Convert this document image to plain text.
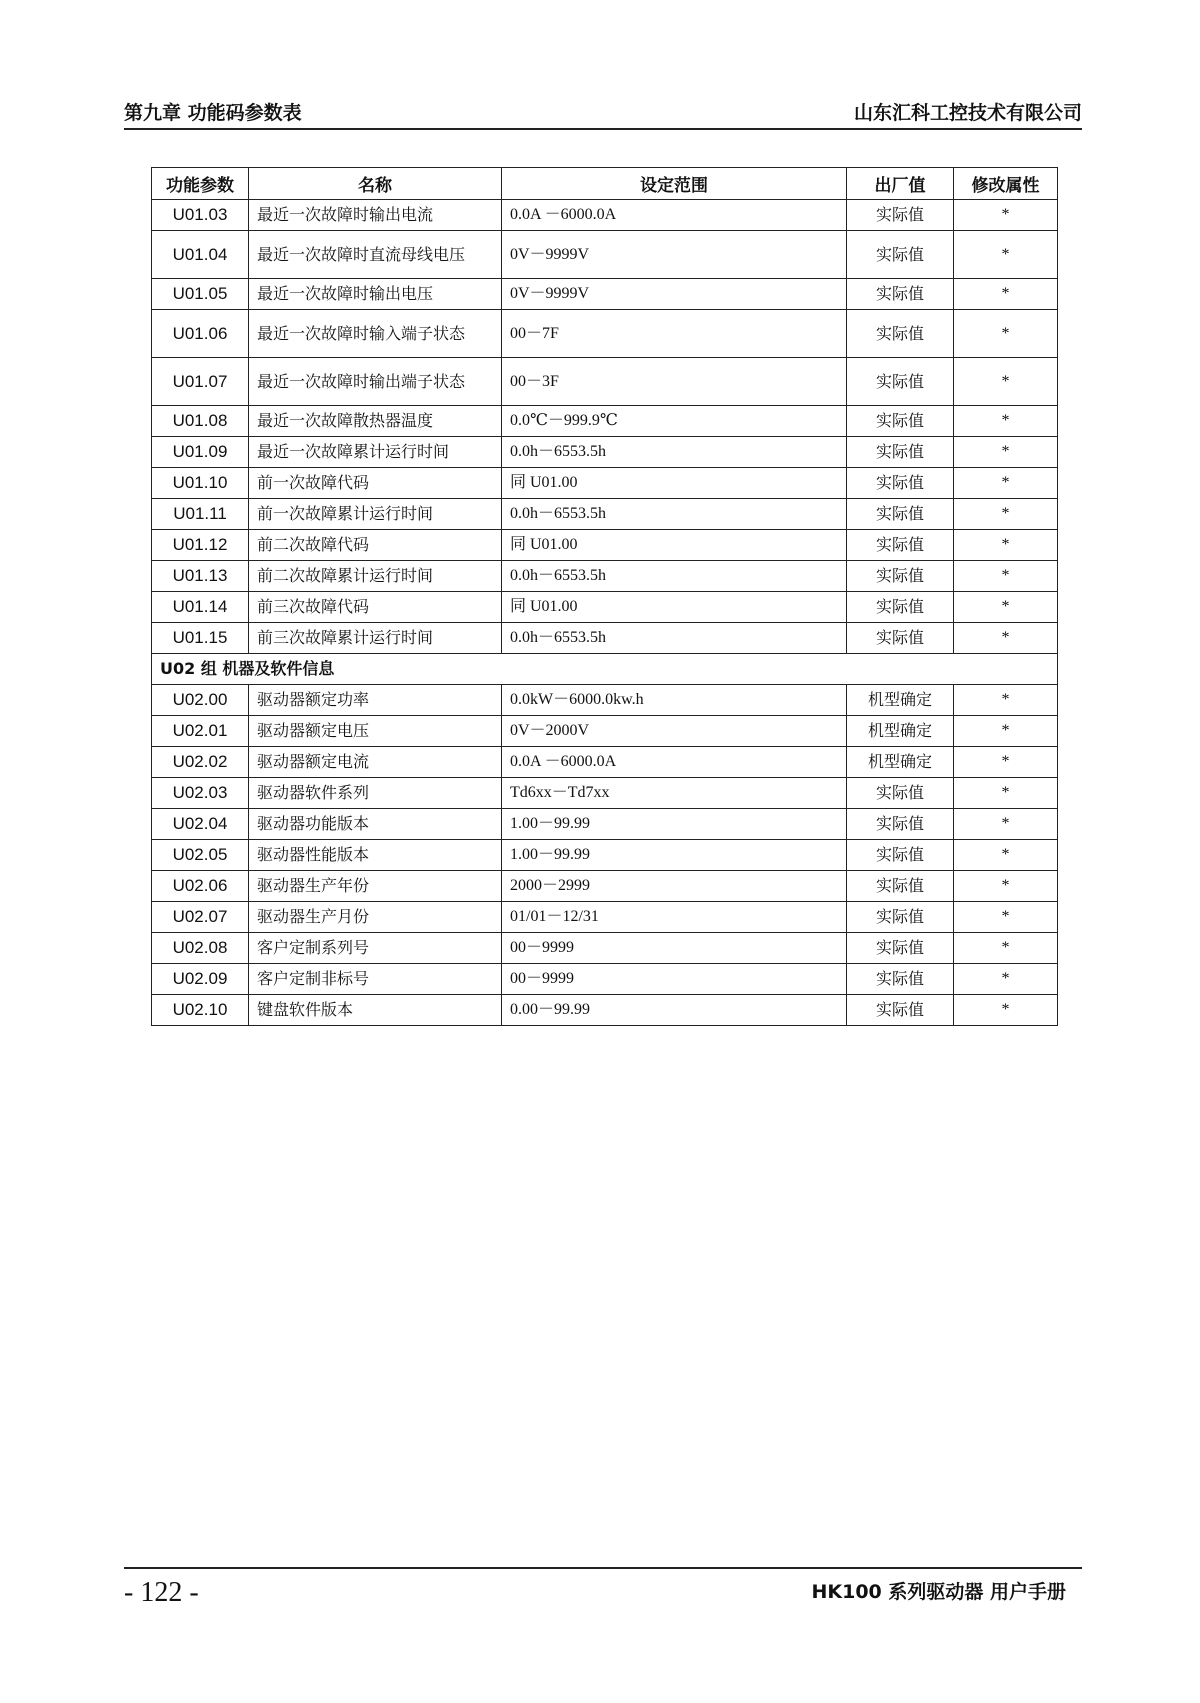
第九章 功能码参数表	山东汇科工控技术有限公司
功能参数	名称	设定范围	出厂值	修改属性
U01.03	最近一次故障时输出电流	0.0A －6000.0A	实际值	*
U01.04	最近一次故障时直流母线电压	0V－9999V	实际值	*
U01.05	最近一次故障时输出电压	0V－9999V	实际值	*
U01.06	最近一次故障时输入端子状态	00－7F	实际值	*
U01.07	最近一次故障时输出端子状态	00－3F	实际值	*
U01.08	最近一次故障散热器温度	0.0℃－999.9℃	实际值	*
U01.09	最近一次故障累计运行时间	0.0h－6553.5h	实际值	*
U01.10	前一次故障代码	同 U01.00	实际值	*
U01.11	前一次故障累计运行时间	0.0h－6553.5h	实际值	*
U01.12	前二次故障代码	同 U01.00	实际值	*
U01.13	前二次故障累计运行时间	0.0h－6553.5h	实际值	*
U01.14	前三次故障代码	同 U01.00	实际值	*
U01.15	前三次故障累计运行时间	0.0h－6553.5h	实际值	*
U02 组 机器及软件信息				
U02.00	驱动器额定功率	0.0kW－6000.0kw.h	机型确定	*
U02.01	驱动器额定电压	0V－2000V	机型确定	*
U02.02	驱动器额定电流	0.0A －6000.0A	机型确定	*
U02.03	驱动器软件系列	Td6xx－Td7xx	实际值	*
U02.04	驱动器功能版本	1.00－99.99	实际值	*
U02.05	驱动器性能版本	1.00－99.99	实际值	*
U02.06	驱动器生产年份	2000－2999	实际值	*
U02.07	驱动器生产月份	01/01－12/31	实际值	*
U02.08	客户定制系列号	00－9999	实际值	*
U02.09	客户定制非标号	00－9999	实际值	*
U02.10	键盘软件版本	0.00－99.99	实际值	*
- 122 -	HK100 系列驱动器 用户手册
